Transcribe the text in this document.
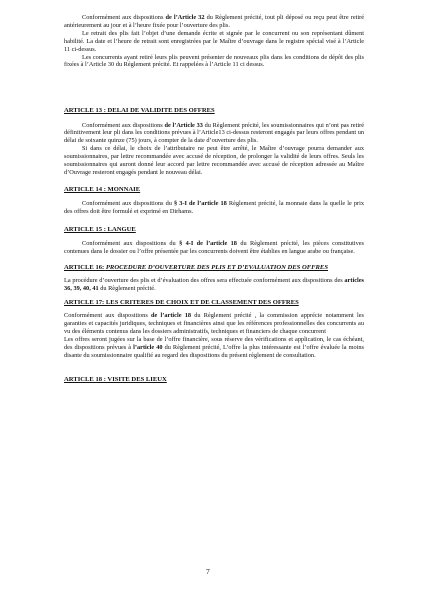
Conformément aux dispositions de l’Article 32 du Règlement précité, tout pli déposé ou reçu peut être retiré antérieurement au jour et à l’heure fixée pour l’ouverture des plis.

Le retrait des plis fait l’objet d’une demande écrite et signée par le concurrent ou son représentant dûment habilité. La date et l’heure de retrait sont enregistrées par le Maître d’ouvrage dans le registre spécial visé à l’Article 11 ci-dessus.

Les concurrents ayant retiré leurs plis peuvent présenter de nouveaux plis dans les conditions de dépôt des plis fixées à l’Article 30 du Règlement précité. Et rappelées à l’Article 11 ci dessus.

ARTICLE 13 : DELAI DE VALIDITE DES OFFRES

Conformément aux dispositions de l’Article 33 du Règlement précité, les soumissionnaires qui n’ont pas retiré définitivement leur pli dans les conditions prévues à l’Article13 ci-dessus resteront engagés par leurs offres pendant un délai de soixante quinze (75) jours, à compter de la date d’ouverture des plis.

Si dans ce délai, le choix de l’attributaire ne peut être arrêté, le Maître d’ouvrage pourra demander aux soumissionnaires, par lettre recommandée avec accusé de réception, de prolonger la validité de leurs offres. Seuls les soumissionnaires qui auront donné leur accord par lettre recommandée avec accusé de réception adressée au Maître d’Ouvrage resteront engagés pendant le nouveau délai.

ARTICLE 14 : MONNAIE

Conformément aux dispositions du § 3-I de l’article 18 Règlement précité, la monnaie dans la quelle le prix des offres doit être formulé et exprimé en Dirhams.

ARTICLE 15 : LANGUE

Conformément aux dispositions du § 4-I de l’article 18 du Règlement précité, les pièces constitutives contenues dans le dossier ou l’offre présentée par les concurrents doivent être établies en langue arabe ou française.

ARTICLE 16: PROCEDURE D’OUVERTURE DES PLIS ET D’EVALUATION DES OFFRES

La procédure d’ouverture des plis et d’évaluation des offres sera effectuée conformément aux dispositions des articles 36, 39, 40, 41 du Règlement précité.

ARTICLE 17: LES CRITERES DE CHOIX ET DE CLASSEMENT DES OFFRES

Conformément aux dispositions de l’article 18 du Règlement précité , la commission apprécie notamment les garanties et capacités juridiques, techniques et financières ainsi que les références professionnelles des concurrents au vu des éléments contenus dans les dossiers administratifs, techniques et financiers de chaque concurrent

Les offres seront jugées sur la base de l’offre financière, sous réserve des vérifications et application, le cas échéant, des dispositions prévues à l’article 40 du Règlement précité, L’offre la plus intéressante est l’offre évaluée la moins disante du soumissionnaire qualifié au regard des dispositions du présent règlement de consultation.

ARTICLE 18 : VISITE DES LIEUX
7
